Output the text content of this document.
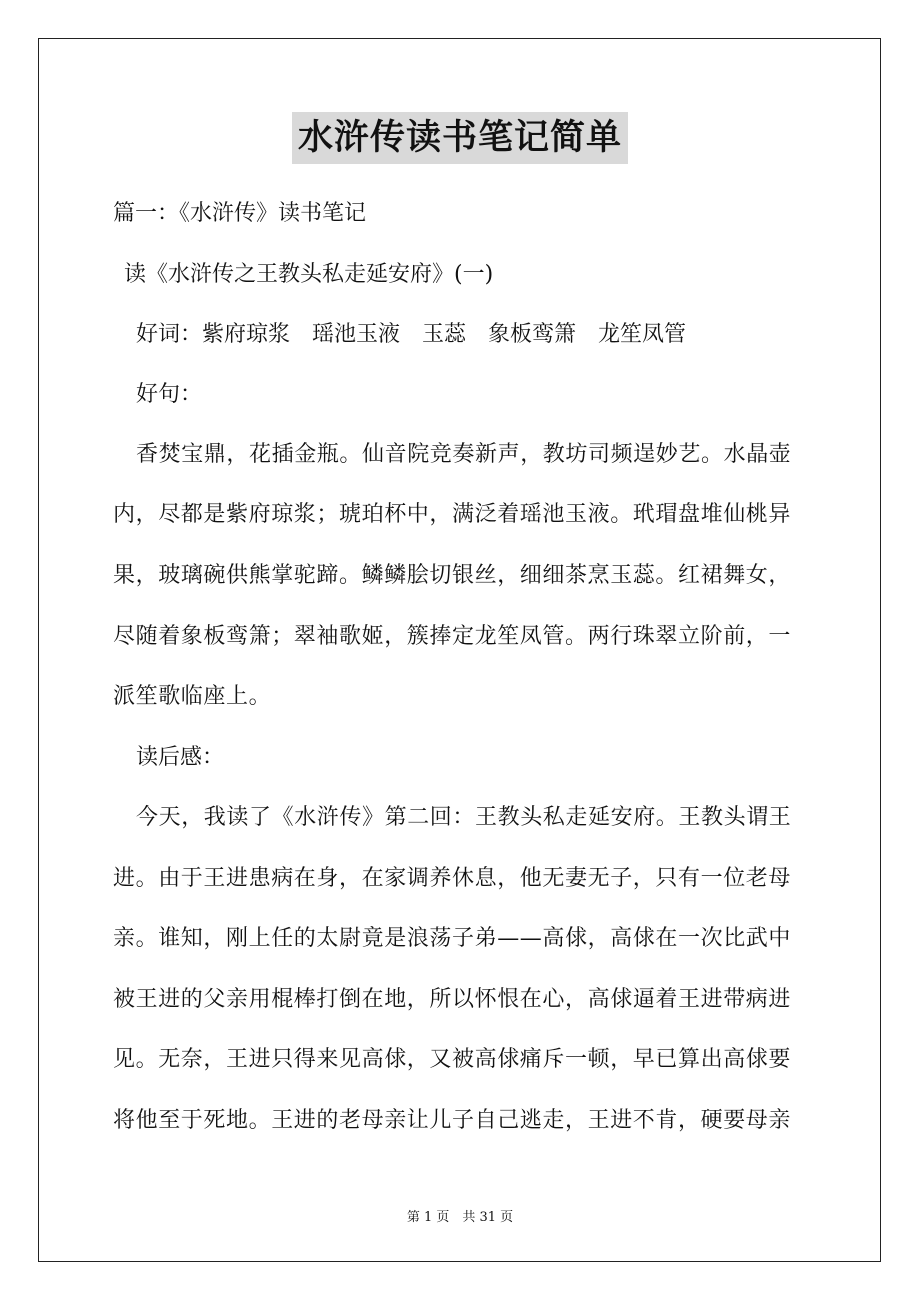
水浒传读书笔记简单
篇一：《水浒传》读书笔记
读《水浒传之王教头私走延安府》(一)
好词：紫府琼浆　瑶池玉液　玉蕊　象板鸾箫　龙笙凤管
好句：
香焚宝鼎，花插金瓶。仙音院竞奏新声，教坊司频逞妙艺。水晶壶
内，尽都是紫府琼浆；琥珀杯中，满泛着瑶池玉液。玳瑁盘堆仙桃异
果，玻璃碗供熊掌驼蹄。鳞鳞脍切银丝，细细茶烹玉蕊。红裙舞女，
尽随着象板鸾箫；翠袖歌姬，簇捧定龙笙凤管。两行珠翠立阶前，一
派笙歌临座上。
读后感：
今天，我读了《水浒传》第二回：王教头私走延安府。王教头谓王
进。由于王进患病在身，在家调养休息，他无妻无子，只有一位老母
亲。谁知，刚上任的太尉竟是浪荡子弟——高俅，高俅在一次比武中
被王进的父亲用棍棒打倒在地，所以怀恨在心，高俅逼着王进带病进
见。无奈，王进只得来见高俅，又被高俅痛斥一顿，早已算出高俅要
将他至于死地。王进的老母亲让儿子自己逃走，王进不肯，硬要母亲
第 1 页　共 31 页
